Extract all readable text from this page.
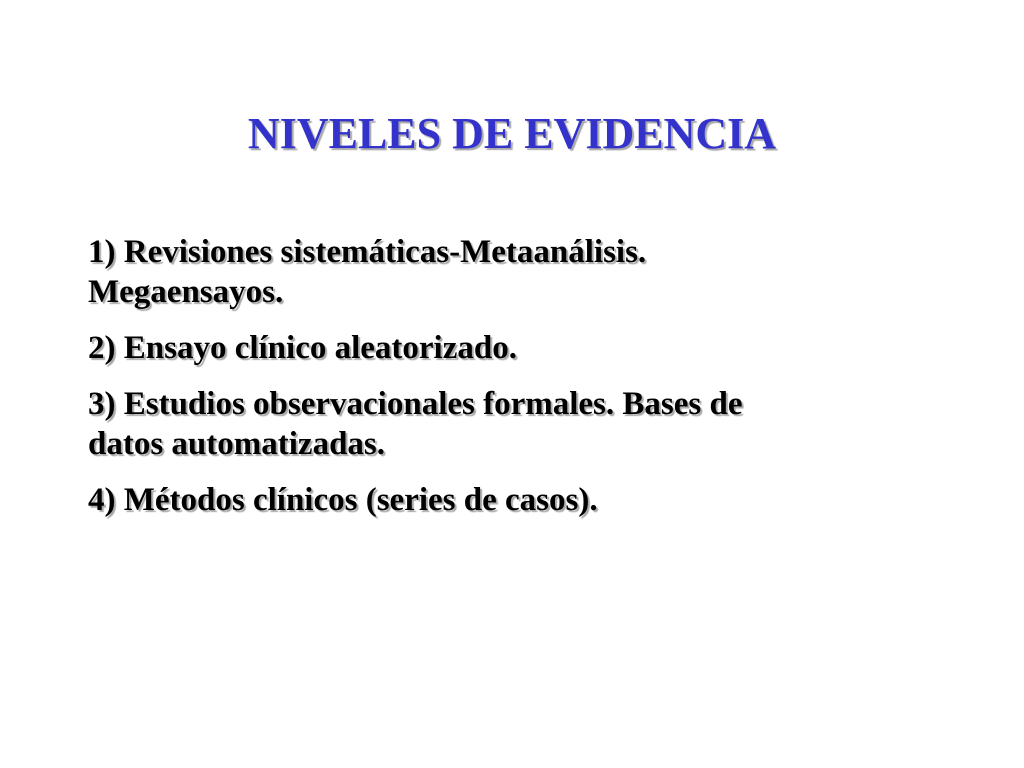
NIVELES DE EVIDENCIA
1) Revisiones sistemáticas-Metaanálisis.
Megaensayos.
2) Ensayo clínico aleatorizado.
3) Estudios observacionales formales. Bases de
datos automatizadas.
4) Métodos clínicos (series de casos).
